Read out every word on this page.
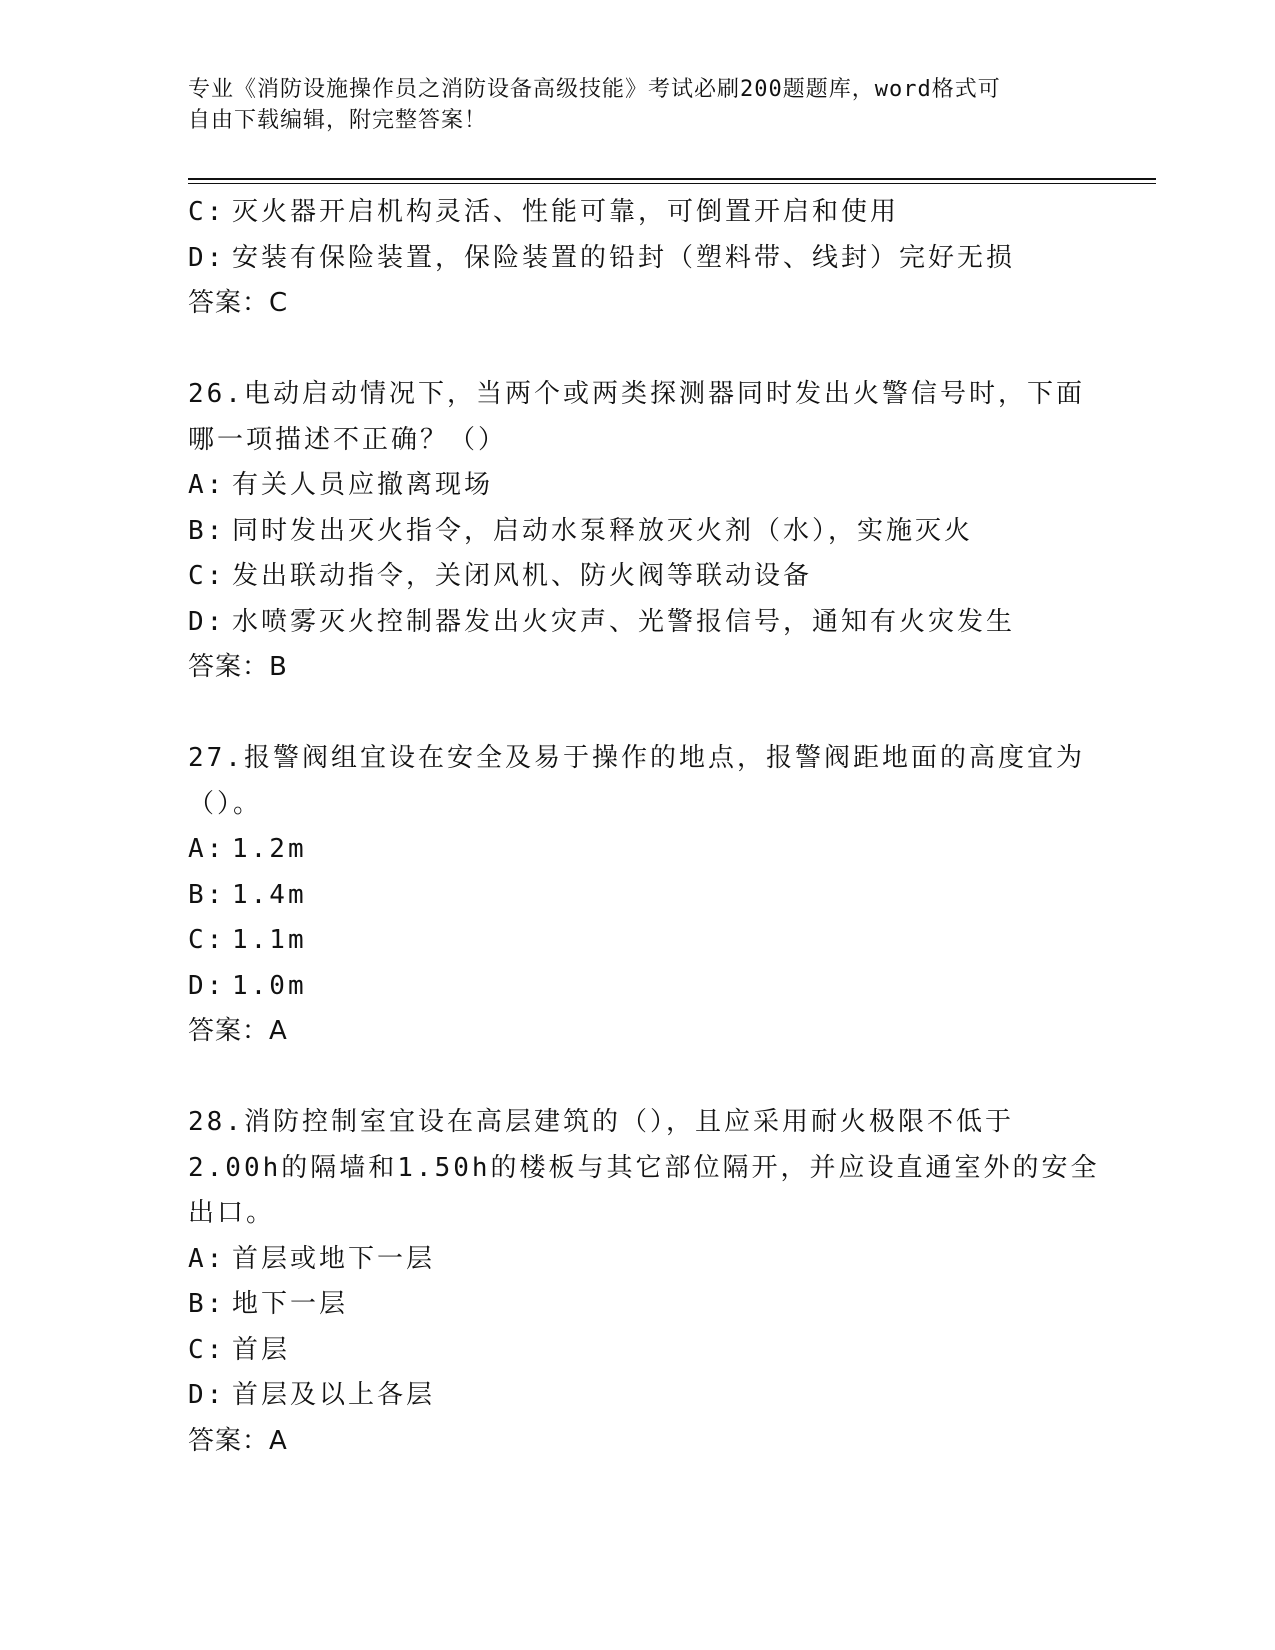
专业《消防设施操作员之消防设备高级技能》考试必刷200题题库，word格式可
自由下载编辑，附完整答案！
C: 灭火器开启机构灵活、性能可靠，可倒置开启和使用
D: 安装有保险装置，保险装置的铅封（塑料带、线封）完好无损
答案：C
26.电动启动情况下，当两个或两类探测器同时发出火警信号时，下面
哪一项描述不正确？（）
A: 有关人员应撤离现场
B: 同时发出灭火指令，启动水泵释放灭火剂（水），实施灭火
C: 发出联动指令，关闭风机、防火阀等联动设备
D: 水喷雾灭火控制器发出火灾声、光警报信号，通知有火灾发生
答案：B
27.报警阀组宜设在安全及易于操作的地点，报警阀距地面的高度宜为
（）。
A: 1.2m
B: 1.4m
C: 1.1m
D: 1.0m
答案：A
28.消防控制室宜设在高层建筑的（），且应采用耐火极限不低于
2.00h的隔墙和1.50h的楼板与其它部位隔开，并应设直通室外的安全
出口。
A: 首层或地下一层
B: 地下一层
C: 首层
D: 首层及以上各层
答案：A
